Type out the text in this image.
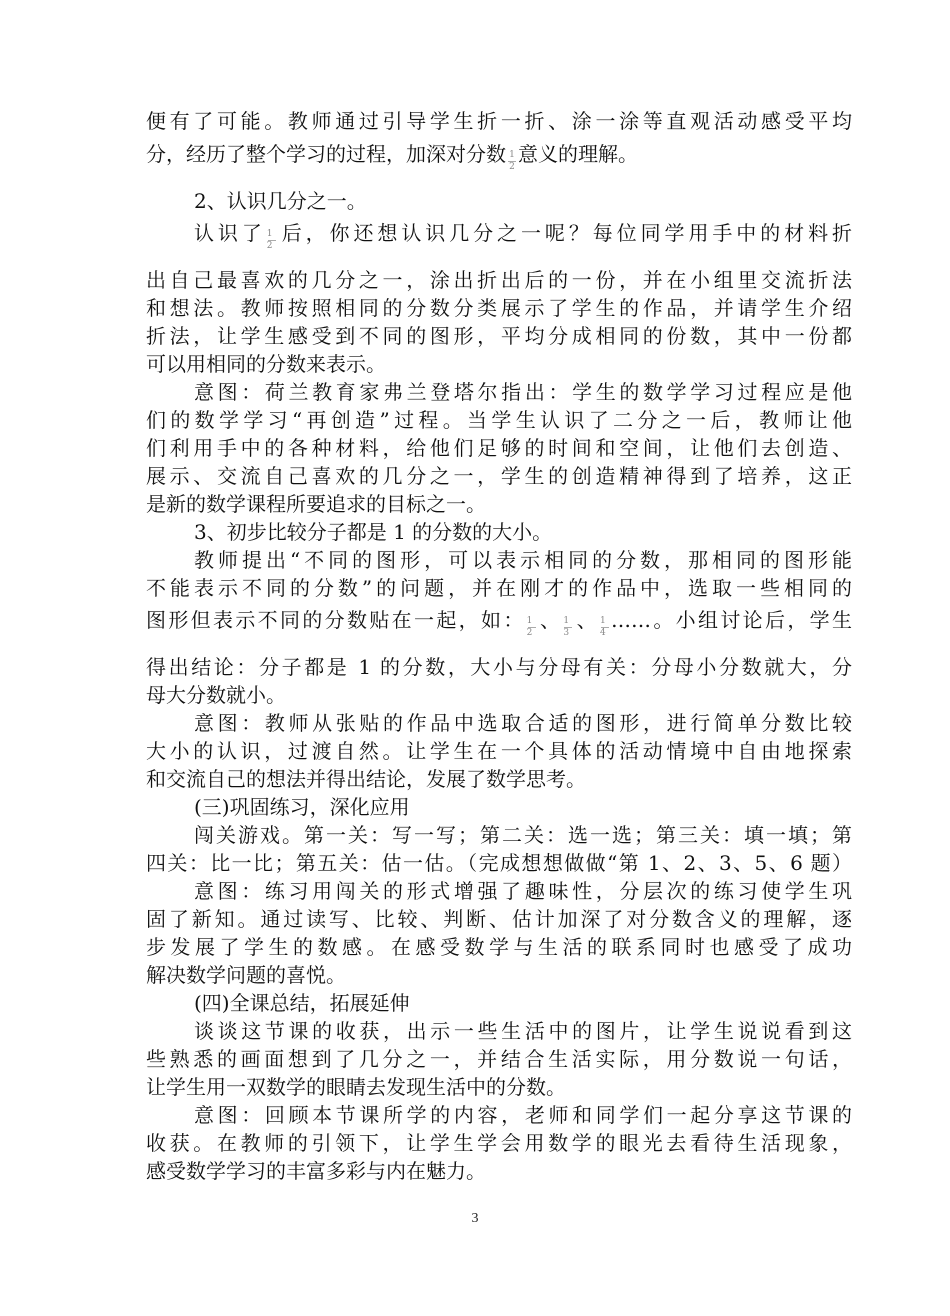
便有了可能。教师通过引导学生折一折、涂一涂等直观活动感受平均
分，经历了整个学习的过程，加深对分数 $\frac{1}{2}$ 意义的理解。
2、认识几分之一。
认识了 $\frac{1}{2}$ 后，你还想认识几分之一呢？每位同学用手中的材料折
出自己最喜欢的几分之一，涂出折出后的一份，并在小组里交流折法
和想法。教师按照相同的分数分类展示了学生的作品，并请学生介绍
折法，让学生感受到不同的图形，平均分成相同的份数，其中一份都
可以用相同的分数来表示。
意图：荷兰教育家弗兰登塔尔指出：学生的数学学习过程应是他
们的数学学习“再创造”过程。当学生认识了二分之一后，教师让他
们利用手中的各种材料，给他们足够的时间和空间，让他们去创造、
展示、交流自己喜欢的几分之一，学生的创造精神得到了培养，这正
是新的数学课程所要追求的目标之一。
3、初步比较分子都是 1 的分数的大小。
教师提出“不同的图形，可以表示相同的分数，那相同的图形能
不能表示不同的分数”的问题，并在刚才的作品中，选取一些相同的
图形但表示不同的分数贴在一起，如： $\frac{1}{2}$ 、 $\frac{1}{3}$ 、 $\frac{1}{4}$ ……。小组讨论后，学生
得出结论：分子都是 1 的分数，大小与分母有关：分母小分数就大，分
母大分数就小。
意图：教师从张贴的作品中选取合适的图形，进行简单分数比较
大小的认识，过渡自然。让学生在一个具体的活动情境中自由地探索
和交流自己的想法并得出结论，发展了数学思考。
(三)巩固练习，深化应用
闯关游戏。第一关：写一写；第二关：选一选；第三关：填一填；第
四关：比一比；第五关：估一估。（完成想想做做“第 1、2、3、5、6 题）
意图：练习用闯关的形式增强了趣味性，分层次的练习使学生巩
固了新知。通过读写、比较、判断、估计加深了对分数含义的理解，逐
步发展了学生的数感。在感受数学与生活的联系同时也感受了成功
解决数学问题的喜悦。
(四)全课总结，拓展延伸
谈谈这节课的收获，出示一些生活中的图片，让学生说说看到这
些熟悉的画面想到了几分之一，并结合生活实际，用分数说一句话，
让学生用一双数学的眼睛去发现生活中的分数。
意图：回顾本节课所学的内容，老师和同学们一起分享这节课的
收获。在教师的引领下，让学生学会用数学的眼光去看待生活现象，
感受数学学习的丰富多彩与内在魅力。
3
